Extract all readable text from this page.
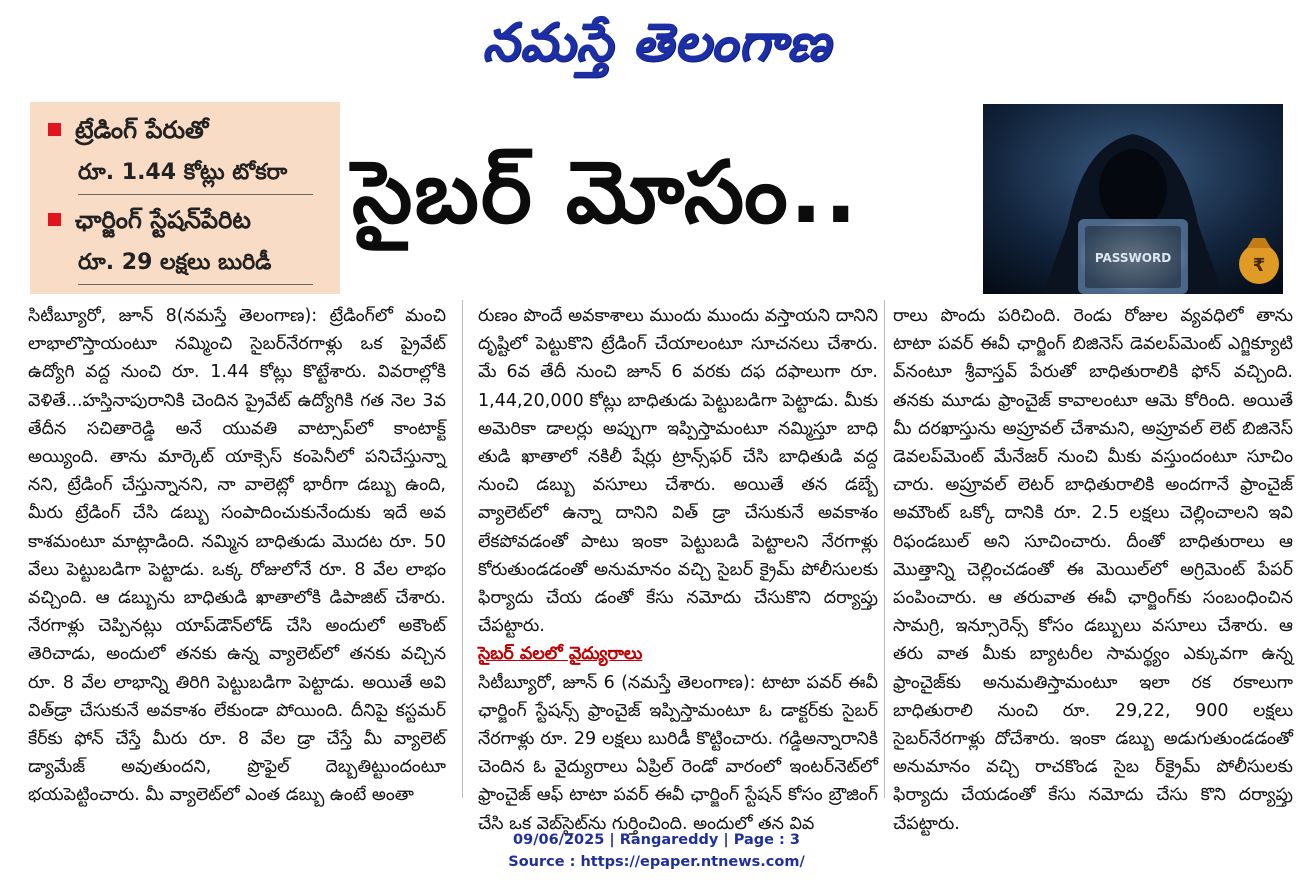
నమస్తే తెలంగాణ
ట్రేడింగ్ పేరుతో
రూ. 1.44 కోట్లు టోకరా
ఛార్జింగ్ స్టేషన్‌పేరిట
రూ. 29 లక్షలు బురిడీ
సైబర్ మోసం..
PASSWORD	₹
సిటీబ్యూరో, జూన్ 8(నమస్తే తెలంగాణ): ట్రేడింగ్‌లో మంచి లాభాలొస్తాయంటూ నమ్మించి సైబర్‌నేరగాళ్లు ఒక ప్రైవేట్ ఉద్యోగి వద్ద నుంచి రూ. 1.44 కోట్లు కొట్టేశారు. వివరాల్లోకి వెళితే...హస్తినాపురానికి చెందిన ప్రైవేట్ ఉద్యోగికి గత నెల 3వ తేదీన సచితారెడ్డి అనే యువతి వాట్సాప్‌లో కాంటాక్ట్ అయ్యింది. తాను మార్కెట్ యాక్సెస్ కంపెనీలో పనిచేస్తున్నా నని, ట్రేడింగ్ చేస్తున్నానని, నా వాలెట్లో భారీగా డబ్బు ఉంది, మీరు ట్రేడింగ్ చేసి డబ్బు సంపాదించుకునేందుకు ఇదే అవ కాశమంటూ మాట్లాడింది. నమ్మిన బాధితుడు మొదట రూ. 50 వేలు పెట్టుబడిగా పెట్టాడు. ఒక్క రోజులోనే రూ. 8 వేల లాభం వచ్చింది. ఆ డబ్బును బాధితుడి ఖాతాలోకి డిపాజిట్ చేశారు. నేరగాళ్లు చెప్పినట్లు యాప్‌డౌన్‌లోడ్ చేసి అందులో అకౌంట్ తెరిచాడు, అందులో తనకు ఉన్న వ్యాలెట్‌లో తనకు వచ్చిన రూ. 8 వేల లాభాన్ని తిరిగి పెట్టుబడిగా పెట్టాడు. అయితే అవి విత్‌డ్రా చేసుకునే అవకాశం లేకుండా పోయింది. దీనిపై కస్టమర్ కేర్‌కు ఫోన్ చేస్తే మీరు రూ. 8 వేల డ్రా చేస్తే మీ వ్యాలెట్ డ్యామేజ్ అవుతుందని, ప్రొఫైల్ దెబ్బతిట్టుందంటూ భయపెట్టించారు. మీ వ్యాలెట్‌లో ఎంత డబ్బు ఉంటే అంతా
రుణం పొందే అవకాశాలు ముందు ముందు వస్తాయని దానిని దృష్టిలో పెట్టుకొని ట్రేడింగ్ చేయాలంటూ సూచనలు చేశారు. మే 6వ తేదీ నుంచి జూన్ 6 వరకు దఫ దఫాలుగా రూ. 1,44,20,000 కోట్లు బాధితుడు పెట్టుబడిగా పెట్టాడు. మీకు అమెరికా డాలర్లు అప్పుగా ఇప్పిస్తామంటూ నమ్మిస్తూ బాధి తుడి ఖాతాలో నకిలీ షేర్లు ట్రాన్స్‌ఫర్ చేసి బాధితుడి వద్ద నుంచి డబ్బు వసూలు చేశారు. అయితే తన డబ్బే వ్యాలెట్‌లో ఉన్నా దానిని విత్ డ్రా చేసుకునే అవకాశం లేకపోవడంతో పాటు ఇంకా పెట్టుబడి పెట్టాలని నేరగాళ్లు కోరుతుండడంతో అనుమానం వచ్చి సైబర్ క్రైమ్ పోలీసులకు ఫిర్యాదు చేయ డంతో కేసు నమోదు చేసుకొని దర్యాప్తు చేపట్టారు.
సైబర్ వలలో వైద్యురాలు
సిటీబ్యూరో, జూన్ 6 (నమస్తే తెలంగాణ): టాటా పవర్ ఈవీ ఛార్జింగ్ స్టేషన్స్ ఫ్రాంచైజ్ ఇప్పిస్తామంటూ ఓ డాక్టర్‌కు సైబర్ నేరగాళ్లు రూ. 29 లక్షలు బురిడీ కొట్టించారు. గడ్డిఅన్నారానికి చెందిన ఓ వైద్యురాలు ఏప్రిల్ రెండో వారంలో ఇంటర్‌నెట్‌లో ఫ్రాంచైజ్ ఆఫ్ టాటా పవర్ ఈవీ ఛార్జింగ్ స్టేషన్ కోసం బ్రౌజింగ్ చేసి ఒక వెబ్‌సైట్‌ను గుర్తించింది. అందులో తన వివ
రాలు పొందు పరిచింది. రెండు రోజుల వ్యవధిలో తాను టాటా పవర్ ఈవీ ఛార్జింగ్ బిజినెస్ డెవలప్‌మెంట్ ఎగ్జిక్యూటి వ్‌నంటూ శ్రీవాస్తవ్ పేరుతో బాధితురాలికి ఫోన్ వచ్చింది. తనకు మూడు ఫ్రాంచైజ్ కావాలంటూ ఆమె కోరింది. అయితే మీ దరఖాస్తును అప్రూవల్ చేశామని, అప్రూవల్ లెట్ బిజినెస్ డెవలప్‌మెంట్ మేనేజర్ నుంచి మీకు వస్తుందంటూ సూచిం చారు. అప్రూవల్ లెటర్ బాధితురాలికి అందగానే ఫ్రాంచైజ్ అమౌంట్ ఒక్కో దానికి రూ. 2.5 లక్షలు చెల్లించాలని ఇవి రిఫండబుల్ అని సూచించారు. దీంతో బాధితురాలు ఆ మొత్తాన్ని చెల్లించడంతో ఈ మెయిల్‌లో అగ్రిమెంట్ పేపర్ పంపించారు. ఆ తరువాత ఈవీ ఛార్జింగ్‌కు సంబంధించిన సామగ్రి, ఇన్సూరెన్స్ కోసం డబ్బులు వసూలు చేశారు. ఆ తరు వాత మీకు బ్యాటరీల సామర్థ్యం ఎక్కువగా ఉన్న ఫ్రాంచైజ్‌కు అనుమతిస్తామంటూ ఇలా రక రకాలుగా బాధితురాలి నుంచి రూ. 29,22, 900 లక్షలు సైబర్‌నేరగాళ్లు దోచేశారు. ఇంకా డబ్బు అడుగుతుండడంతో అనుమానం వచ్చి రాచకొండ సైబ ర్‌క్రైమ్ పోలీసులకు ఫిర్యాదు చేయడంతో కేసు నమోదు చేసు కొని దర్యాప్తు చేపట్టారు.
09/06/2025 | Rangareddy | Page : 3
Source : https://epaper.ntnews.com/
